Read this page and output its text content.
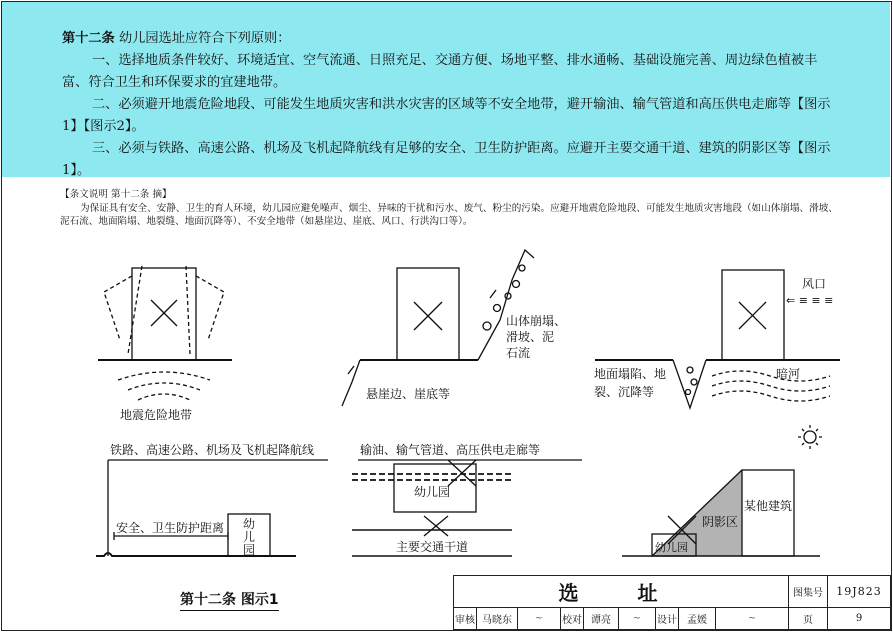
第十二条 幼儿园选址应符合下列原则：

一、选择地质条件较好、环境适宜、空气流通、日照充足、交通方便、场地平整、排水通畅、基础设施完善、周边绿色植被丰富、符合卫生和环保要求的宜建地带。

二、必须避开地震危险地段、可能发生地质灾害和洪水灾害的区域等不安全地带，避开输油、输气管道和高压供电走廊等【图示1】【图示2】。

三、必须与铁路、高速公路、机场及飞机起降航线有足够的安全、卫生防护距离。应避开主要交通干道、建筑的阴影区等【图示1】。

【条文说明 第十二条 摘】
为保证具有安全、安静、卫生的育人环境，幼儿园应避免噪声、烟尘、异味的干扰和污水、废气、粉尘的污染。应避开地震危险地段、可能发生地质灾害地段（如山体崩塌、滑坡、泥石流、地面陷塌、地裂缝、地面沉降等）、不安全地带（如悬崖边、崖底、风口、行洪沟口等）。
地震危险地带
山体崩塌、
滑坡、泥
石流
悬崖边、崖底等
风口
⇐ ≡ ≡ ≡
地面塌陷、地
裂、沉降等
暗河
铁路、高速公路、机场及飞机起降航线
安全、卫生防护距离 幼
儿
园
输油、输气管道、高压供电走廊等
幼儿园
主要交通干道
阴影区
某他建筑
幼儿园
第十二条 图示1	选 址									图集号	19J823
审核	马晓东	~	校对	谭亮	~	设计	孟媛	~	页	9
